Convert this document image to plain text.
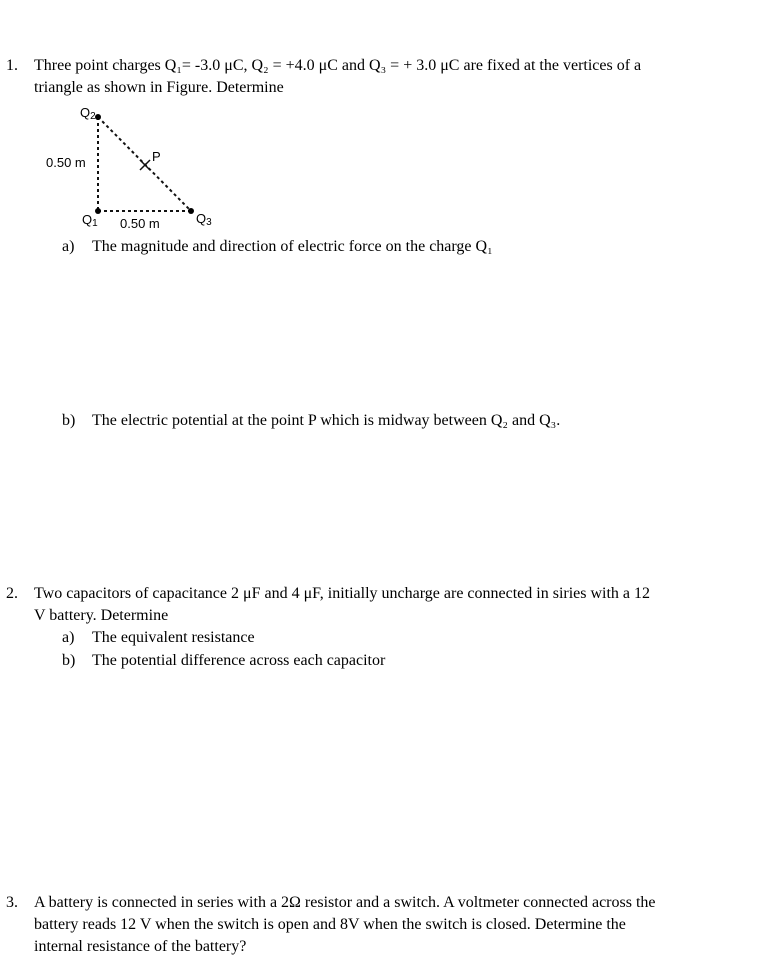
1. Three point charges Q₁= -3.0 μC, Q₂ = +4.0 μC and Q₃ = + 3.0 μC are fixed at the vertices of a
triangle as shown in Figure. Determine
$Q_2$
P
0.50 m
$Q_1$ 0.50 m	$Q_3$
a) The magnitude and direction of electric force on the charge Q₁
b) The electric potential at the point P which is midway between Q₂ and Q₃.
2. Two capacitors of capacitance 2 μF and 4 μF, initially uncharge are connected in siries with a 12
V battery. Determine
a) The equivalent resistance
b) The potential difference across each capacitor
3. A battery is connected in series with a 2Ω resistor and a switch. A voltmeter connected across the
battery reads 12 V when the switch is open and 8V when the switch is closed. Determine the
internal resistance of the battery?
